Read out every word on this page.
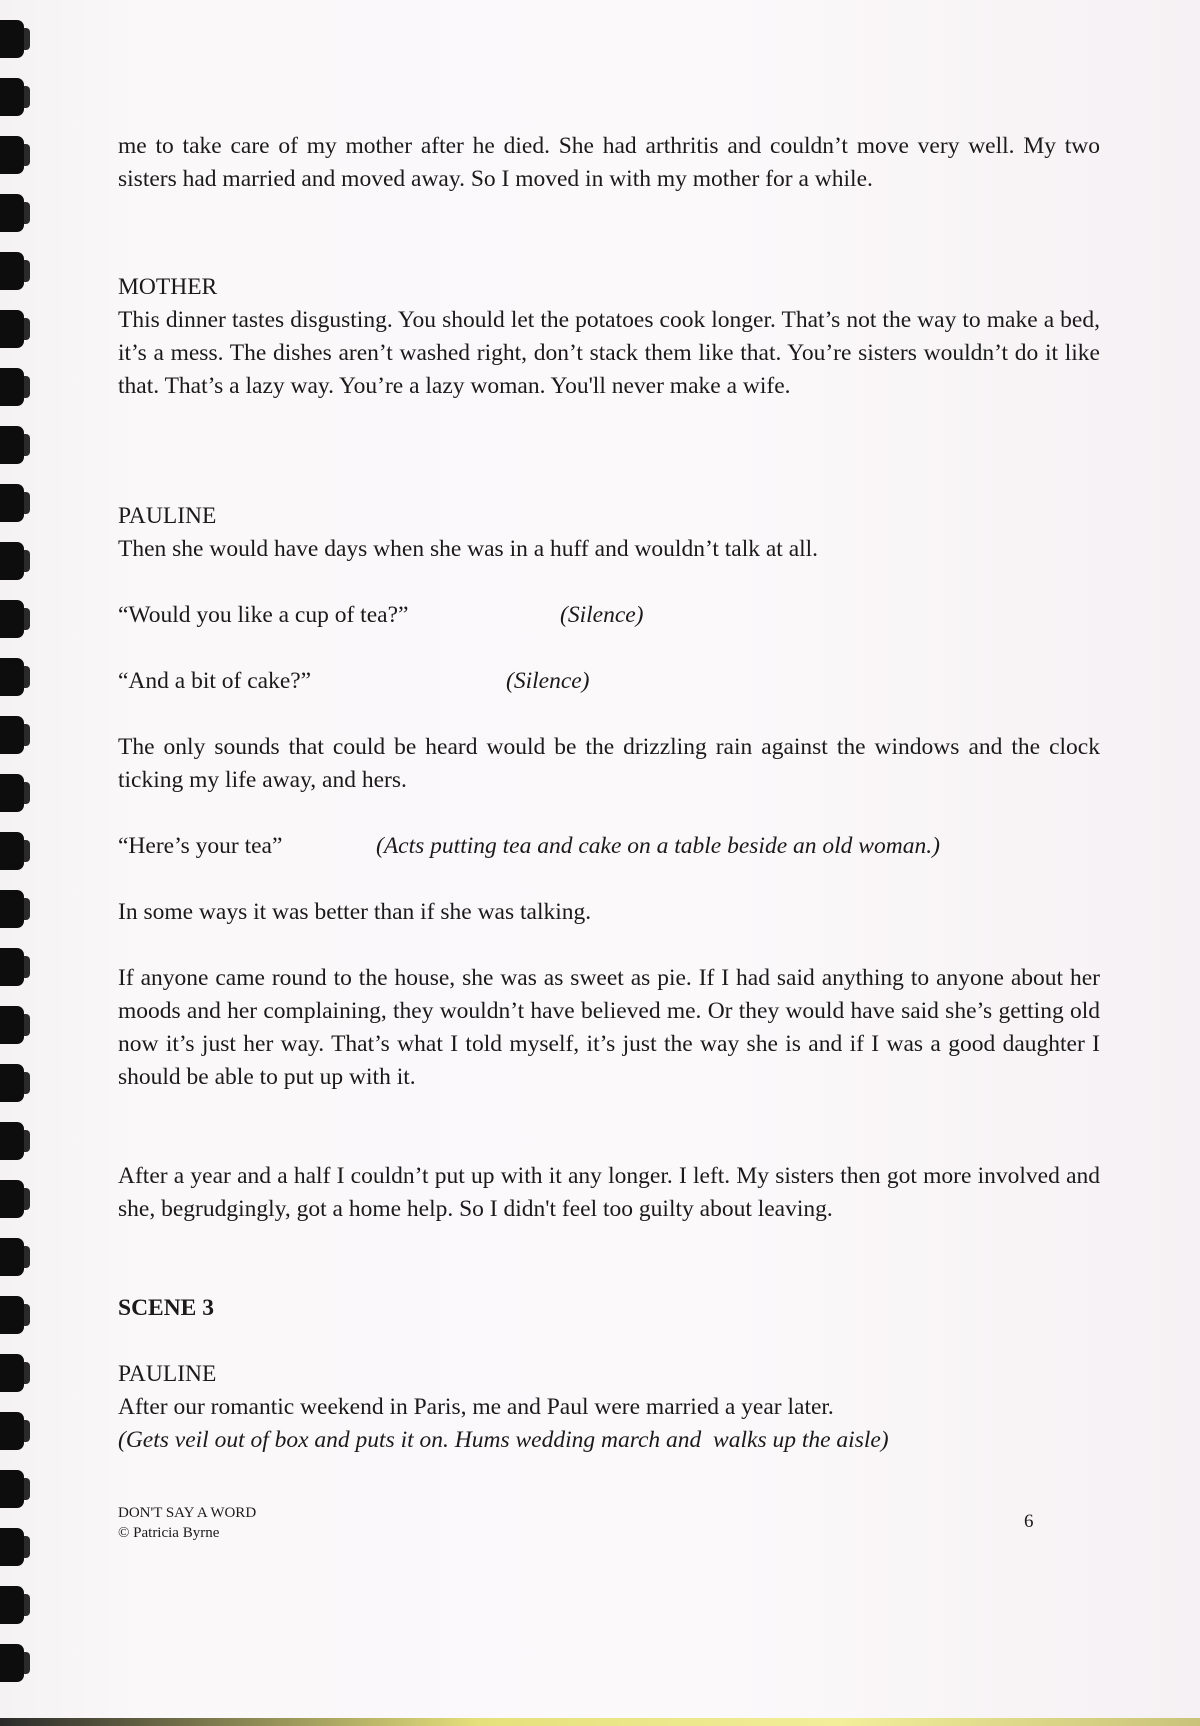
me to take care of my mother after he died. She had arthritis and couldn’t move very well. My two sisters had married and moved away. So I moved in with my mother for a while.

MOTHER

This dinner tastes disgusting. You should let the potatoes cook longer. That’s not the way to make a bed, it’s a mess. The dishes aren’t washed right, don’t stack them like that. You’re sisters wouldn’t do it like that. That’s a lazy way. You’re a lazy woman. You'll never make a wife.

PAULINE

Then she would have days when she was in a huff and wouldn’t talk at all.

“Would you like a cup of tea?”	(Silence)
“And a bit of cake?”	(Silence)

The only sounds that could be heard would be the drizzling rain against the windows and the clock ticking my life away, and hers.

“Here’s your tea”	(Acts putting tea and cake on a table beside an old woman.)

In some ways it was better than if she was talking.

If anyone came round to the house, she was as sweet as pie. If I had said anything to anyone about her moods and her complaining, they wouldn’t have believed me. Or they would have said she’s getting old now it’s just her way. That’s what I told myself, it’s just the way she is and if I was a good daughter I should be able to put up with it.

After a year and a half I couldn’t put up with it any longer. I left. My sisters then got more involved and she, begrudgingly, got a home help. So I didn't feel too guilty about leaving.

SCENE 3

PAULINE

After our romantic weekend in Paris, me and Paul were married a year later.

(Gets veil out of box and puts it on. Hums wedding march and  walks up the aisle)

DON'T SAY A WORD
© Patricia Byrne
6
